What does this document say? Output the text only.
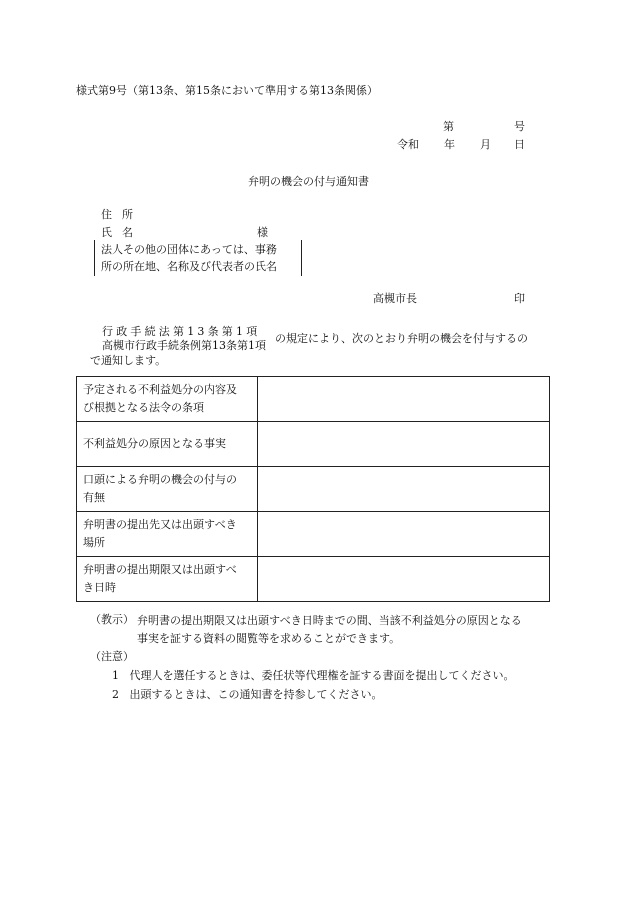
様式第9号（第13条、第15条において準用する第13条関係）
第	号
令和 年 月 日
弁明の機会の付与通知書
住所
氏名	様
法人その他の団体にあっては、事務
所の所在地、名称及び代表者の氏名
高槻市長	印
行政手続法第13条第1項
高槻市行政手続条例第13条第1項
の規定により、次のとおり弁明の機会を付与するの
で通知します。
予定される不利益処分の内容及
び根拠となる法令の条項	

不利益処分の原因となる事実	

口頭による弁明の機会の付与の
有無	

弁明書の提出先又は出頭すべき
場所	

弁明書の提出期限又は出頭すべ
き日時	

（教示） 弁明書の提出期限又は出頭すべき日時までの間、当該不利益処分の原因となる
事実を証する資料の閲覧等を求めることができます。
（注意）
1 代理人を選任するときは、委任状等代理権を証する書面を提出してください。
2 出頭するときは、この通知書を持参してください。
